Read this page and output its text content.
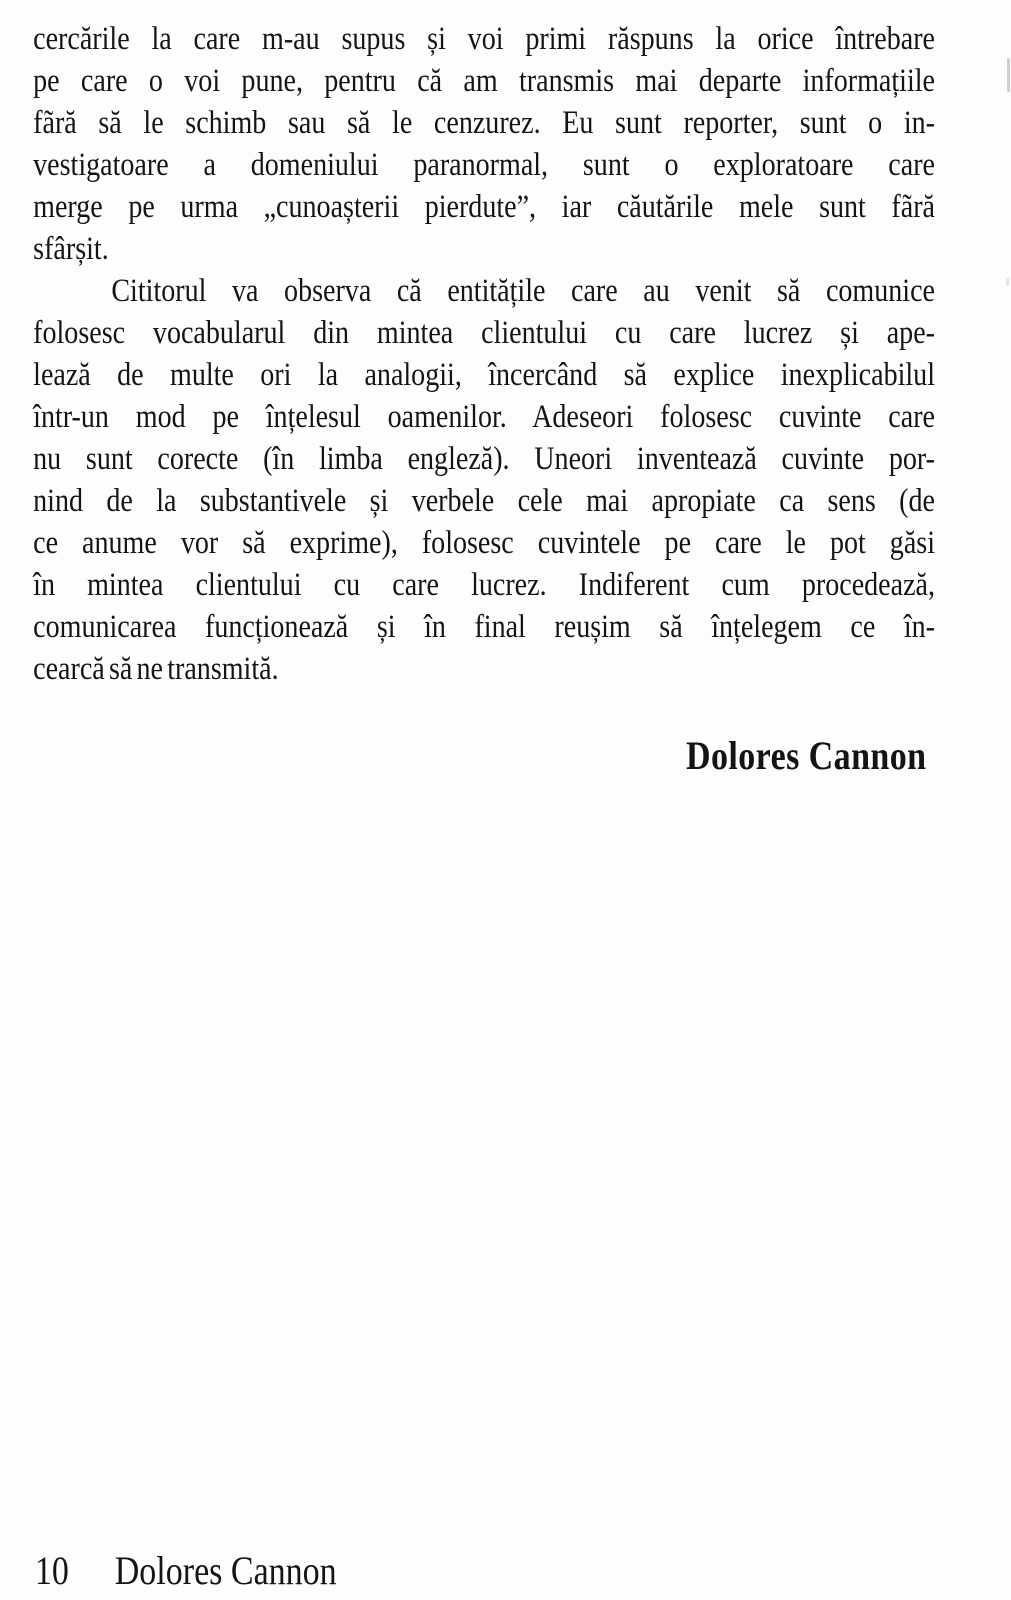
cercările la care m-au supus și voi primi răspuns la orice întrebare
pe care o voi pune, pentru că am transmis mai departe informațiile
fãră să le schimb sau să le cenzurez. Eu sunt reporter, sunt o in-
vestigatoare a domeniului paranormal, sunt o exploratoare care
merge pe urma „cunoașterii pierdute”, iar căutările mele sunt fãră
sfârșit.
Cititorul va observa că entitățile care au venit să comunice
folosesc vocabularul din mintea clientului cu care lucrez și ape-
lează de multe ori la analogii, încercând să explice inexplicabilul
într-un mod pe înțelesul oamenilor. Adeseori folosesc cuvinte care
nu sunt corecte (în limba engleză). Uneori inventează cuvinte por-
nind de la substantivele și verbele cele mai apropiate ca sens (de
ce anume vor să exprime), folosesc cuvintele pe care le pot găsi
în mintea clientului cu care lucrez. Indiferent cum procedează,
comunicarea funcționează și în final reușim să înțelegem ce în-
cearcă să ne transmită.
Dolores Cannon
10 Dolores Cannon
